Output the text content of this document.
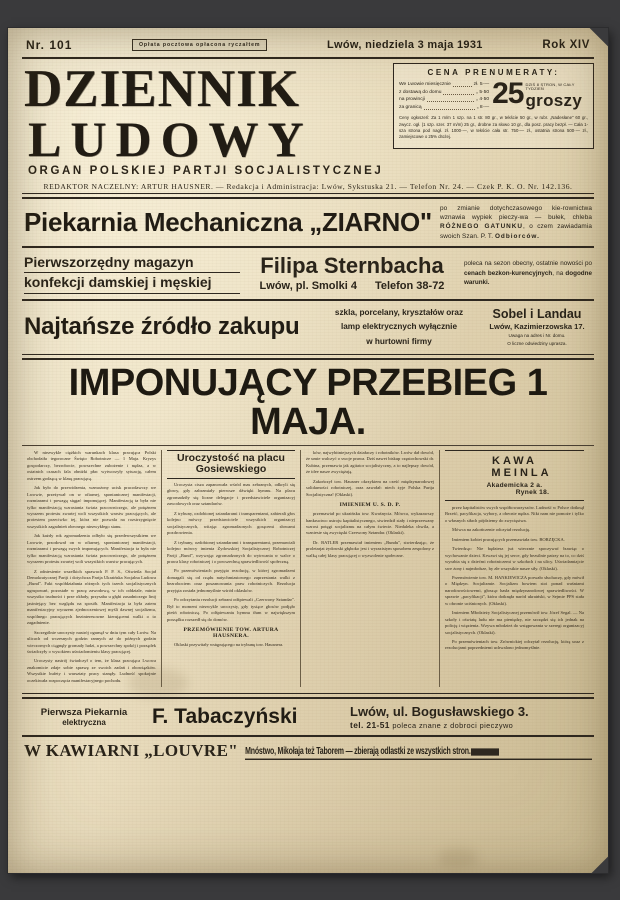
Nr. 101	Opłata pocztowa opłacona ryczałtem	Lwów, niedziela 3 maja 1931	Rok XIV
DZIENNIK
LUDOWY
ORGAN POLSKIEJ PARTJI SOCJALISTYCZNEJ
CENA PRENUMERATY:
We Lwowie miesięcznie	zł. 5·—
z dostawą do domu	„ 5·50
na prowincji	„ 4·50
za granicą	„ 8·— 25 DZIŚ 8 STRON, W CAŁY TYDZIEŃ
groszy
Ceny ogłoszeń: Za 1 m/m 1 szp. na 1 str. 80 gr., w tekście 50 gr., w rubr. „Nadesłane" 60 gr., zwycz. ogł. (1 szp. szer. 37 m/m) 25 gr., drobne za słowo 10 gr., dla posz. pracy bezpł. — Cała 1-sza strona pod nagł. zł. 1000·—, w tekście cała str. 750·— zł., ostatnia strona 500·— zł., zamiejscowe o 25% drożej.
REDAKTOR NACZELNY: ARTUR HAUSNER. — Redakcja i Administracja: Lwów, Sykstuska 21. — Telefon Nr. 24. — Czek P. K. O. Nr. 142.136.
Piekarnia Mechaniczna „ZIARNO" po zmianie dotychczasowego kie-rownictwa wznawia wypiek pieczy-wa — bułek, chleba RÓŻNEGO GATUNKU, o czem zawiadamia swoich Szan. P. T. Odbiorców.
Pierwszorzędny magazyn
konfekcji damskiej i męskiej
Filipa Sternbacha
Lwów, pl. Smolki 4 Telefon 38-72
poleca na sezon obecny, ostatnie nowości po cenach bezkon-kurencyjnych, na dogodne warunki.
Najtańsze źródło zakupu
szkla, porcelany, kryształów oraz
lamp elektrycznych wyłącznie
w hurtowni firmy
Sobel i Landau
Lwów, Kazimierzowska 17.
Uwaga na adres i Nr. domu.
O liczne odwiedziny uprasza.
IMPONUJĄCY PRZEBIEG 1 MAJA.

W niezwykle ciężkich warunkach klasa pracująca Polski obchodziła tegoroczne Święto Robotnicze — 1 Maja. Kryzys gospodarczy, bezrobocie, powszechne zubożenie i nędza, a w ostatnich czasach fala obniżki płac wytworzyły sytuację, całem ostrzem godzącą w klasę pracującą.

Jak było do przewidzenia, wzmożony ucisk pracodawczy we Lwowie, przeżywał on w ofiarnej, spontanicznej manifestacji, rozmiarami i powagą sięgać imponującej. Manifestacją ta była nie tylko manifestacją wzrastania świata pracowniczego, ale potężnem wyrazem protestu zwartej woli wszystkich warstw pracujących, ale protestem przeciwko tej, która nie pozwala na rozstrzygnięcie wszystkich zagadnień obecnego niezwykłego stanu.

Jak każdy rok zgromadzenia odbyło się przedewszystkiem we Lwowie, przodował on w ofiarnej, spontanicznej manifestacji, rozmiarami i powagą swych imponujących. Manifestacja ta była nie tylko manifestacją wzrastania świata pracowniczego, ale potężnem wyrazem protestu zwartej woli wszystkich warstw pracujących.

Z odniesienie wszelkich sprawach P. P. S., Oświetla Socjał Demokratycznej Partji i dotychcza Partja Ukraińska Socjalna Ludowa „Bund". Fakt współdziałania różnych tych trzech socjalistycznych ugrupowań, pozostałe w pracę zawodową, w ich oddziale, minio wszystko trudności i prze okłady, przysaba u głębi zasadniczego linij jastniejący bez względu na sposób. Manifestacja ta była zatem manifestacyjny wyrazem zjednoczeniowej myśli dawnej socjalizmu, wspólnego pracujących bezinteresowne kierującemi walki o to zagadnienie.

Szczególnie uroczysty nastrój ogarnął w dniu tym cały Lwów. Na ulicach od wczesnych godzin rannych aż do późnych godzin wieczornych ciągnęły gromady ludzi, a powszechny spokój i porządek świadczyły o wysokiem uświadomieniu klasy pracującej.

Uroczysty nastrój świadczył o tem, że klasa pracująca Lwowa znakomicie zdaje sobie sprawę ze swoich zadań i obowiązków. Wszystkie bufety i warsztaty pracy stanęły. Ludność spokojnie oczekiwała rozpoczęcia manifestacyjnego pochodu.

Uroczystość na placu Gosiewskiego

Uroczysta cisza zapanowała wśród mas zebranych, odkryli się głowy, gdy zabrzmiały pierwsze dźwięki hymnu. Na placu zgromadziły się liczne delegacje i przedstawiciele organizacyj zawodowych oraz sztandarów.

Z trybuny, ozdobionej sztandarami i transparentami, zabierali głos kolejno mówcy przedstawiciele wszystkich organizacyj socjalistycznych, witając zgromadzonych gorącemi słowami pozdrowienia.

Z trybuny, ozdobionej sztandarami i transparentami, przemawiali kolejno mówcy imienia Żydowskiej Socjalistycznej Robotniczej Partji „Bund", wzywając zgromadzonych do wytrwania w walce o prawa klasy robotniczej i o powszechną sprawiedliwość społeczną.

Po przemówieniach przyjęto rezolucję, w której zgromadzeni domagali się od rządu natychmiastowego zaprzestania walki z bezrobociem oraz poszanowania praw robotniczych. Rezolucja przyjęta została jednomyślnie wśród oklasków.

Po odczytaniu rezolucji zebrani odśpiewali „Czerwony Sztandar". Był to moment niezwykle uroczysty, gdy tysiące głosów podjęło pieśń robotniczą. Po odśpiewaniu hymnu tłum w największym porządku rozszedł się do domów.

PRZEMÓWIENIE TOW. ARTURA HAUSNERA.

Oklaski przywitały wstępującego na trybunę tow. Hausnera.

ków, najwybitniejszych działaczy i robotników. Lwów dał dowód, że umie walczyć o swoje prawa. Dziś nawet biskup częstochowski dr. Kubina, przemawia jak agitator socjalistyczny, a to najlepszy dowód, że idee nasze zwyciężają.

Zakończył tow. Hausner okrzykiem na cześć międzynarodowej solidarności robotniczej, oraz zawołał: niech żyje Polska Partja Socjalistyczna! (Oklaski).

IMIENIEM U. S. D. P.

przemawiał po ukraińsku tow. Kwaśnycia. Mówca, wykazawszy bankructwo ustroju kapitalistycznego, stwierdził stały i nieprzerwany wzrost potęgi socjalizmu na całym świecie. Niedaleka chwila, a wzniesie się zwycięski Czerwony Sztandar. (Oklaski).

Dr. BATLER przemawiał imieniem „Bundu", stwierdzając, że proletarjat żydowski głęboko jest i wyrazistym sposobem zespolony z walką całej klasy pracującej o wyzwolenie społeczne.

KAWA
MEINLA
Akademicka 2 a.
Rynek 18.

przez kapitalistów swych współtowarzyszów. Ludność w Polsce dotknął Brześć, pacyfikacja, wybory, a obecnie nędza. Nikt nam nie pomoże i tylko o własnych siłach pójdziemy do zwycięstwa.

Mówca na zakończenie odczytał rezolucję.

Imieniem kobiet pracujących przemawiała tow. BORZĘCKA.

Twierdząc: Nie będziesz już wiecznie spoczywać łzawiąc o wychowanie dzieci. Krwawi się jej serce, gdy bezsilnie patrzy na to, co dziś wyrabia się z dziećmi robotniczemi w szkołach i na ulicy. Uświadamiajcie swe żony i najmłodsze, by złe wszystkie nasze siły. (Oklaski).

Przemówienie tow. M. HANKIEWICZA porwało słuchaczy, gdy mówił o Międzyn. Socjalizmie. Socjalizm bowiem stoi ponad waśniami narodowościowemi, głosząc hasła międzynarodowej sprawiedliwości. W sprawie „pacyfikacji", która dotknęła naród ukraiński, w Sejmie PPS stała w obronie uciśnionych. (Oklaski).

Imieniem Młodzieży Socjalistycznej przemówił tow. Józef Segal. — Na szkoły i oświatę ludu nie ma pieniędzy, nie szczędzi się ich jednak na policję i więzienia. Wzywa młodzież do wstępowania w szeregi organizacyj socjalistycznych. (Oklaski).

Po przemówieniach tow. Zrównickiej odczytał rezolucję, którą uraz z rezolucjami poprzedniemi uchwalono jednomyślnie.

Pierwsza Piekarnia
elektryczna	F. Tabaczyński	Lwów, ul. Bogusławskiego 3.
tel. 21-51 poleca znane z dobroci pieczywo
W KAWIARNI „LOUVRE" Mnóstwo, Mikołaja też Taborem — zbierają odlastki ze wszystkich stron.
